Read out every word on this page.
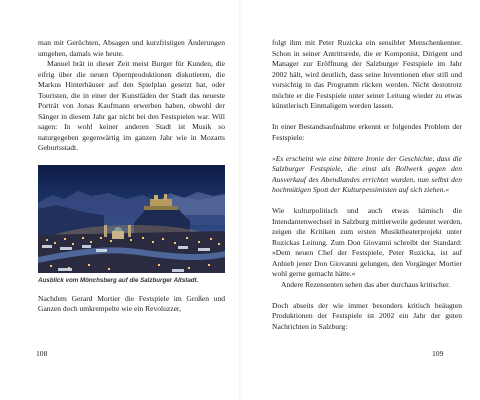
man mit Gerüchten, Absagen und kurzfristigen Änderungen umgehen, damals wie heute.

Manuel brät in dieser Zeit meist Burger für Kunden, die eifrig über die neuen Opernproduktionen diskutieren, die Markus Hinterhäuser auf den Spielplan gesetzt hat, oder Touristen, die in einer der Kunstläden der Stadt das neueste Porträt von Jonas Kaufmann erwerben haben, obwohl der Sänger in diesem Jahr gar nicht bei den Festspielen war. Will sagen: In wohl keiner anderen Stadt ist Musik so naturgegeben gegenwärtig im ganzen Jahr wie in Mozarts Geburtsstadt.

Ausblick vom Mönchsberg auf die Salzburger Altstadt.

Nachdem Gerard Mortier die Festspiele im Großen und Ganzen doch umkrempelte wie ein Revoluzzer,

folgt ihm mit Peter Ruzicka ein sensibler Menschenkenner. Schon in seiner Antrittsrede, die er Komponist, Dirigent und Manager zur Eröffnung der Salzburger Festspiele im Jahr 2002 hält, wird deutlich, dass seine Inventionen eher still und vorsichtig in das Programm rücken werden. Nicht destotrotz möchte er die Festspiele unter seiner Leitung wieder zu etwas künstlerisch Einmaligem werden lassen.

In einer Bestandsaufnahme erkennt er folgendes Problem der Festspiele:

»Es erscheint wie eine bittere Ironie der Geschichte, dass die Salzburger Festspiele, die einst als Bollwerk gegen den Ausverkauf des Abendlandes errichtet wurden, nun selbst den hochmütigen Spott der Kulturpessimisten auf sich ziehen.«

Wie kulturpolitisch und auch etwas hämisch die Intendantenwechsel in Salzburg mittlerweile gedeutet werden, zeigen die Kritiken zum ersten Musiktheaterprojekt unter Ruzickas Leitung. Zum Don Giovanni schreibt der Standard: »Dem neuen Chef der Festspiele, Peter Ruzicka, ist auf Anhieb jener Don Giovanni gelungen, den Vorgänger Mortier wohl gerne gemacht hätte.«

Andere Rezensenten sehen das aber durchaus kritischer.

Doch abseits der wie immer besonders kritisch beäugten Produktionen der Festspiele ist 2002 ein Jahr der guten Nachrichten in Salzburg:

108	109
